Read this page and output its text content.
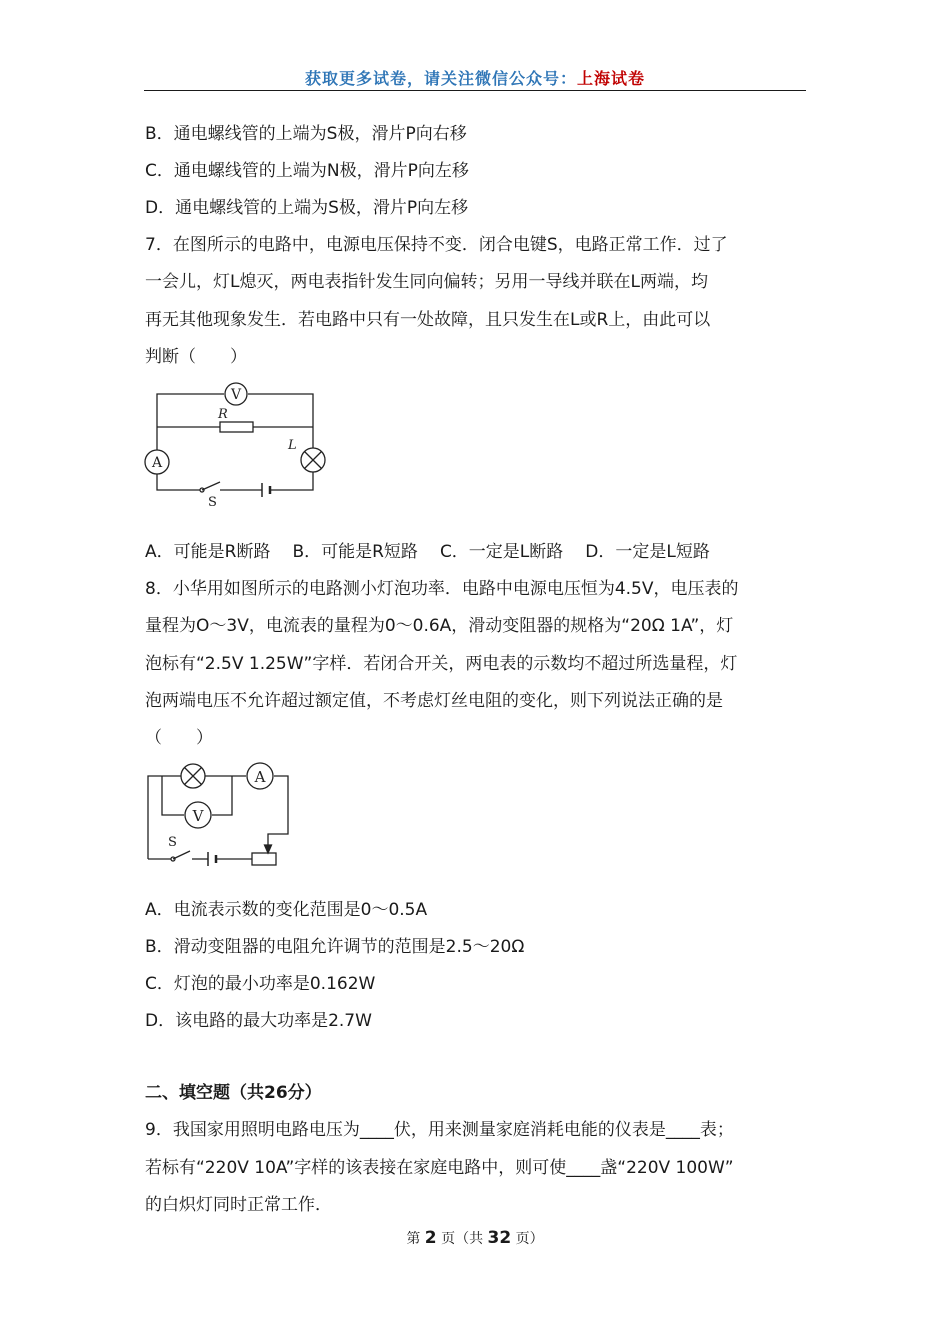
获取更多试卷，请关注微信公众号：上海试卷
B．通电螺线管的上端为S极，滑片P向右移
C．通电螺线管的上端为N极，滑片P向左移
D．通电螺线管的上端为S极，滑片P向左移
7．在图所示的电路中，电源电压保持不变．闭合电键S，电路正常工作．过了
一会儿，灯L熄灭，两电表指针发生同向偏转；另用一导线并联在L两端，均
再无其他现象发生．若电路中只有一处故障，且只发生在L或R上，由此可以
判断（　　）
V
R
A
L
S
A．可能是R断路 B．可能是R短路 C．一定是L断路 D．一定是L短路
8．小华用如图所示的电路测小灯泡功率．电路中电源电压恒为4.5V，电压表的
量程为O～3V，电流表的量程为0～0.6A，滑动变阻器的规格为“20Ω 1A”，灯
泡标有“2.5V 1.25W”字样．若闭合开关，两电表的示数均不超过所选量程，灯
泡两端电压不允许超过额定值，不考虑灯丝电阻的变化，则下列说法正确的是
（　　）
A
V
S
A．电流表示数的变化范围是0～0.5A
B．滑动变阻器的电阻允许调节的范围是2.5～20Ω
C．灯泡的最小功率是0.162W
D．该电路的最大功率是2.7W
二、填空题（共26分）
9．我国家用照明电路电压为____伏，用来测量家庭消耗电能的仪表是____表；
若标有“220V 10A”字样的该表接在家庭电路中，则可使____盏“220V 100W”
的白炽灯同时正常工作．
第 2 页（共 32 页）
